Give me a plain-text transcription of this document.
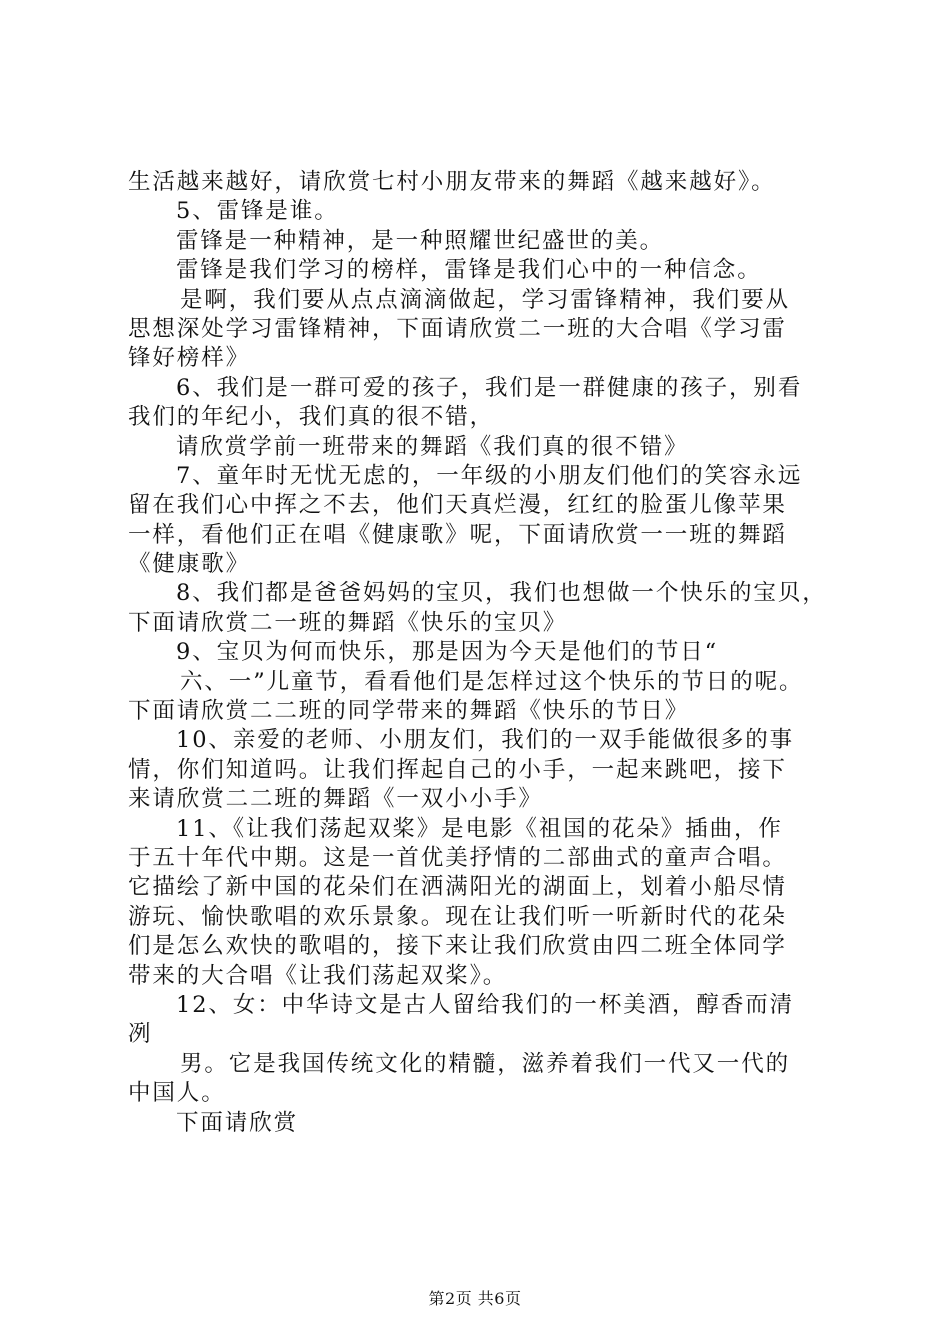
生活越来越好，请欣赏七村小朋友带来的舞蹈《越来越好》。
5、雷锋是谁。
雷锋是一种精神，是一种照耀世纪盛世的美。
雷锋是我们学习的榜样，雷锋是我们心中的一种信念。
是啊，我们要从点点滴滴做起，学习雷锋精神，我们要从
思想深处学习雷锋精神，下面请欣赏二一班的大合唱《学习雷
锋好榜样》
6、我们是一群可爱的孩子，我们是一群健康的孩子，别看
我们的年纪小，我们真的很不错，
请欣赏学前一班带来的舞蹈《我们真的很不错》
7、童年时无忧无虑的，一年级的小朋友们他们的笑容永远
留在我们心中挥之不去，他们天真烂漫，红红的脸蛋儿像苹果
一样，看他们正在唱《健康歌》呢，下面请欣赏一一班的舞蹈
《健康歌》
8、我们都是爸爸妈妈的宝贝，我们也想做一个快乐的宝贝，
下面请欣赏二一班的舞蹈《快乐的宝贝》
9、宝贝为何而快乐，那是因为今天是他们的节日“
六、一”儿童节，看看他们是怎样过这个快乐的节日的呢。
下面请欣赏二二班的同学带来的舞蹈《快乐的节日》
10、亲爱的老师、小朋友们，我们的一双手能做很多的事
情，你们知道吗。让我们挥起自己的小手，一起来跳吧，接下
来请欣赏二二班的舞蹈《一双小小手》
11、《让我们荡起双桨》是电影《祖国的花朵》插曲，作
于五十年代中期。这是一首优美抒情的二部曲式的童声合唱。
它描绘了新中国的花朵们在洒满阳光的湖面上，划着小船尽情
游玩、愉快歌唱的欢乐景象。现在让我们听一听新时代的花朵
们是怎么欢快的歌唱的，接下来让我们欣赏由四二班全体同学
带来的大合唱《让我们荡起双桨》。
12、女：中华诗文是古人留给我们的一杯美酒，醇香而清
冽
男。它是我国传统文化的精髓，滋养着我们一代又一代的
中国人。
下面请欣赏
第2页 共6页
